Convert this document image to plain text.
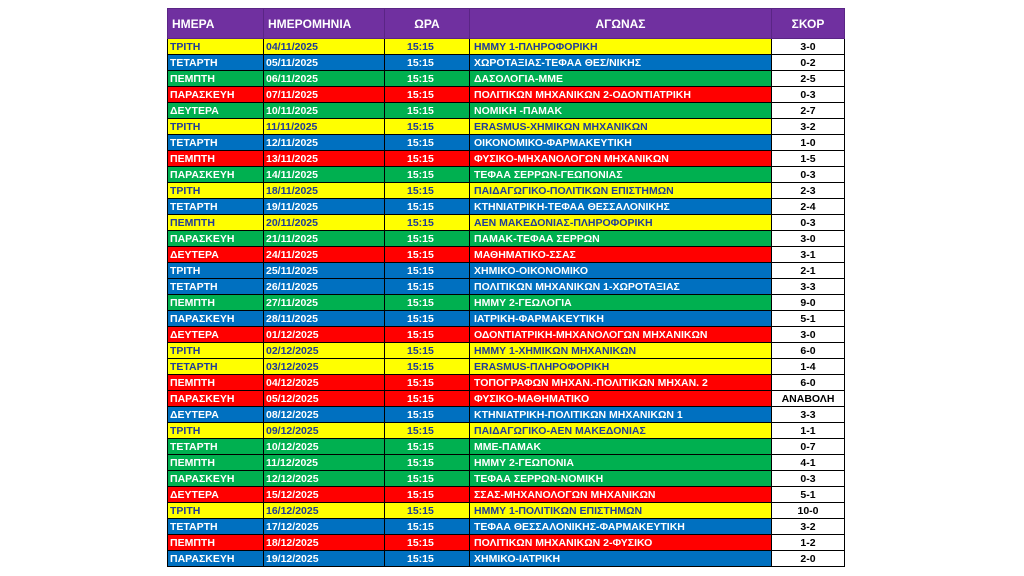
ΗΜΕΡΑ	ΗΜΕΡΟΜΗΝΙΑ	ΩΡΑ	ΑΓΩΝΑΣ	ΣΚΟΡ
ΤΡΙΤΗ	04/11/2025	15:15	ΗΜΜΥ 1-ΠΛΗΡΟΦΟΡΙΚΗ	3-0
ΤΕΤΑΡΤΗ	05/11/2025	15:15	ΧΩΡΟΤΑΞΙΑΣ-ΤΕΦΑΑ ΘΕΣ/ΝΙΚΗΣ	0-2
ΠΕΜΠΤΗ	06/11/2025	15:15	ΔΑΣΟΛΟΓΙΑ-ΜΜΕ	2-5
ΠΑΡΑΣΚΕΥΗ	07/11/2025	15:15	ΠΟΛΙΤΙΚΩΝ ΜΗΧΑΝΙΚΩΝ 2-ΟΔΟΝΤΙΑΤΡΙΚΗ	0-3
ΔΕΥΤΕΡΑ	10/11/2025	15:15	ΝΟΜΙΚΗ -ΠΑΜΑΚ	2-7
ΤΡΙΤΗ	11/11/2025	15:15	ERASMUS-ΧΗΜΙΚΩΝ ΜΗΧΑΝΙΚΩΝ	3-2
ΤΕΤΑΡΤΗ	12/11/2025	15:15	ΟΙΚΟΝΟΜΙΚΟ-ΦΑΡΜΑΚΕΥΤΙΚΗ	1-0
ΠΕΜΠΤΗ	13/11/2025	15:15	ΦΥΣΙΚΟ-ΜΗΧΑΝΟΛΟΓΩΝ ΜΗΧΑΝΙΚΩΝ	1-5
ΠΑΡΑΣΚΕΥΗ	14/11/2025	15:15	ΤΕΦΑΑ ΣΕΡΡΩΝ-ΓΕΩΠΟΝΙΑΣ	0-3
ΤΡΙΤΗ	18/11/2025	15:15	ΠΑΙΔΑΓΩΓΙΚΟ-ΠΟΛΙΤΙΚΩΝ ΕΠΙΣΤΗΜΩΝ	2-3
ΤΕΤΑΡΤΗ	19/11/2025	15:15	ΚΤΗΝΙΑΤΡΙΚΗ-ΤΕΦΑΑ ΘΕΣΣΑΛΟΝΙΚΗΣ	2-4
ΠΕΜΠΤΗ	20/11/2025	15:15	ΑΕΝ ΜΑΚΕΔΟΝΙΑΣ-ΠΛΗΡΟΦΟΡΙΚΗ	0-3
ΠΑΡΑΣΚΕΥΗ	21/11/2025	15:15	ΠΑΜΑΚ-ΤΕΦΑΑ ΣΕΡΡΩΝ	3-0
ΔΕΥΤΕΡΑ	24/11/2025	15:15	ΜΑΘΗΜΑΤΙΚΟ-ΣΣΑΣ	3-1
ΤΡΙΤΗ	25/11/2025	15:15	ΧΗΜΙΚΟ-ΟΙΚΟΝΟΜΙΚΟ	2-1
ΤΕΤΑΡΤΗ	26/11/2025	15:15	ΠΟΛΙΤΙΚΩΝ ΜΗΧΑΝΙΚΩΝ 1-ΧΩΡΟΤΑΞΙΑΣ	3-3
ΠΕΜΠΤΗ	27/11/2025	15:15	ΗΜΜΥ 2-ΓΕΩΛΟΓΙΑ	9-0
ΠΑΡΑΣΚΕΥΗ	28/11/2025	15:15	ΙΑΤΡΙΚΗ-ΦΑΡΜΑΚΕΥΤΙΚΗ	5-1
ΔΕΥΤΕΡΑ	01/12/2025	15:15	ΟΔΟΝΤΙΑΤΡΙΚΗ-ΜΗΧΑΝΟΛΟΓΩΝ ΜΗΧΑΝΙΚΩΝ	3-0
ΤΡΙΤΗ	02/12/2025	15:15	ΗΜΜΥ 1-ΧΗΜΙΚΩΝ ΜΗΧΑΝΙΚΩΝ	6-0
ΤΕΤΑΡΤΗ	03/12/2025	15:15	ERASMUS-ΠΛΗΡΟΦΟΡΙΚΗ	1-4
ΠΕΜΠΤΗ	04/12/2025	15:15	ΤΟΠΟΓΡΑΦΩΝ ΜΗΧΑΝ.-ΠΟΛΙΤΙΚΩΝ ΜΗΧΑΝ. 2	6-0
ΠΑΡΑΣΚΕΥΗ	05/12/2025	15:15	ΦΥΣΙΚΟ-ΜΑΘΗΜΑΤΙΚΟ	ΑΝΑΒΟΛΗ
ΔΕΥΤΕΡΑ	08/12/2025	15:15	ΚΤΗΝΙΑΤΡΙΚΗ-ΠΟΛΙΤΙΚΩΝ ΜΗΧΑΝΙΚΩΝ 1	3-3
ΤΡΙΤΗ	09/12/2025	15:15	ΠΑΙΔΑΓΩΓΙΚΟ-ΑΕΝ ΜΑΚΕΔΟΝΙΑΣ	1-1
ΤΕΤΑΡΤΗ	10/12/2025	15:15	ΜΜΕ-ΠΑΜΑΚ	0-7
ΠΕΜΠΤΗ	11/12/2025	15:15	ΗΜΜΥ 2-ΓΕΩΠΟΝΙΑ	4-1
ΠΑΡΑΣΚΕΥΗ	12/12/2025	15:15	ΤΕΦΑΑ ΣΕΡΡΩΝ-ΝΟΜΙΚΗ	0-3
ΔΕΥΤΕΡΑ	15/12/2025	15:15	ΣΣΑΣ-ΜΗΧΑΝΟΛΟΓΩΝ ΜΗΧΑΝΙΚΩΝ	5-1
ΤΡΙΤΗ	16/12/2025	15:15	ΗΜΜΥ 1-ΠΟΛΙΤΙΚΩΝ ΕΠΙΣΤΗΜΩΝ	10-0
ΤΕΤΑΡΤΗ	17/12/2025	15:15	ΤΕΦΑΑ ΘΕΣΣΑΛΟΝΙΚΗΣ-ΦΑΡΜΑΚΕΥΤΙΚΗ	3-2
ΠΕΜΠΤΗ	18/12/2025	15:15	ΠΟΛΙΤΙΚΩΝ ΜΗΧΑΝΙΚΩΝ 2-ΦΥΣΙΚΟ	1-2
ΠΑΡΑΣΚΕΥΗ	19/12/2025	15:15	ΧΗΜΙΚΟ-ΙΑΤΡΙΚΗ	2-0
